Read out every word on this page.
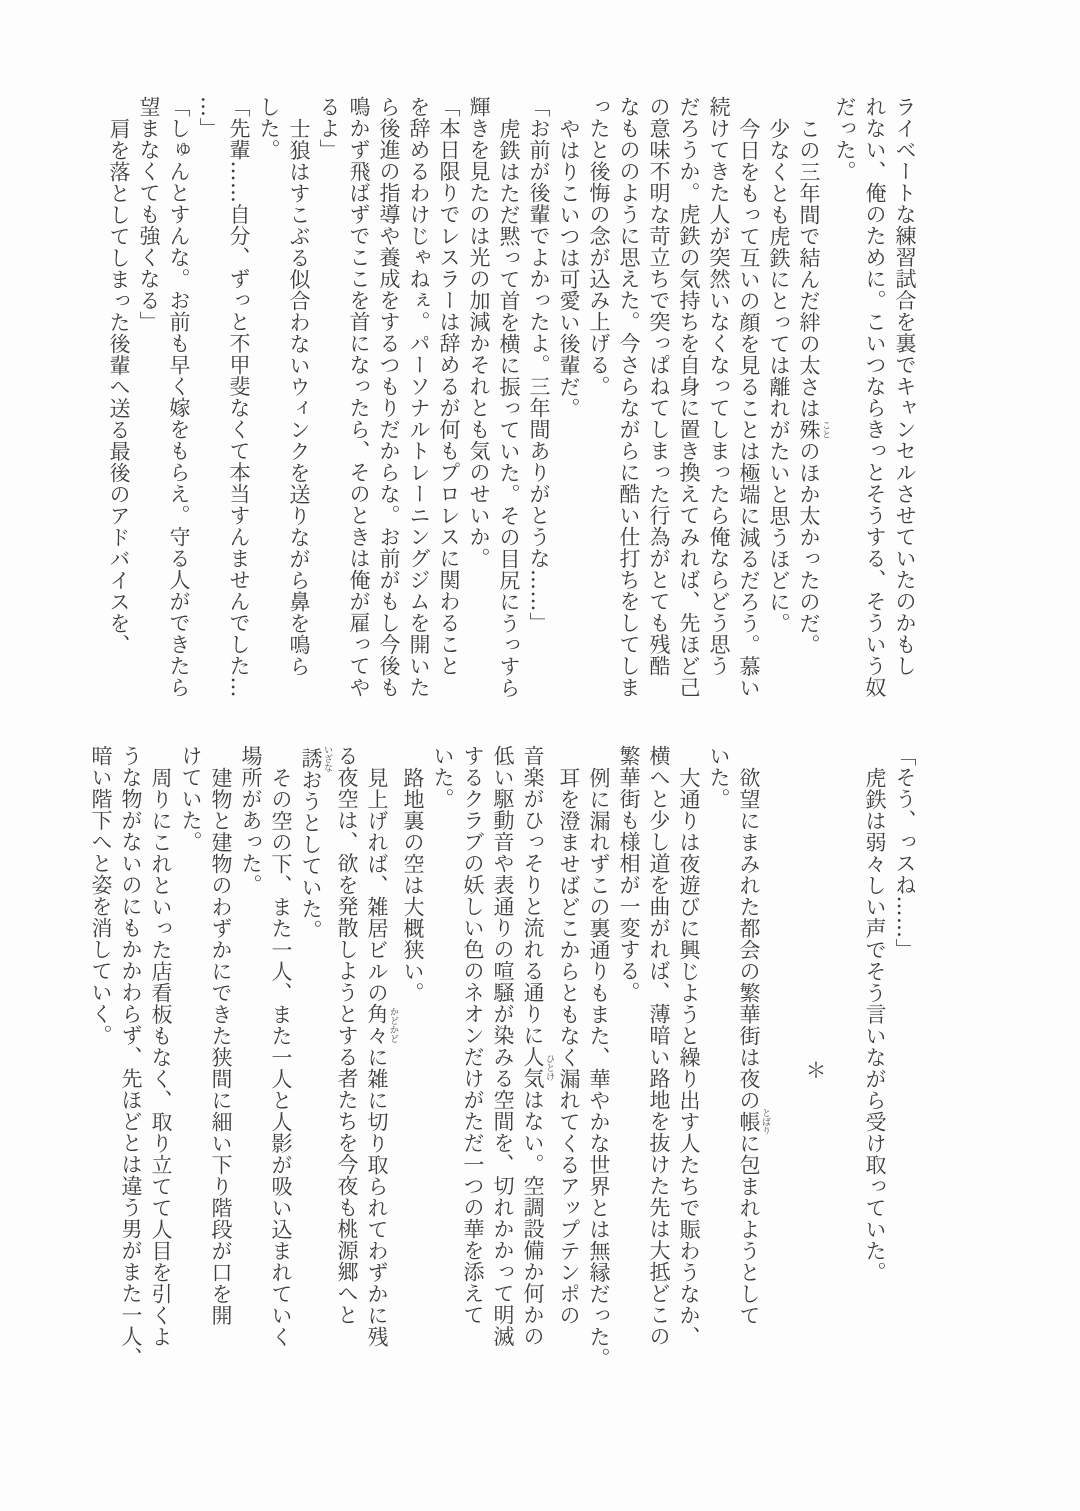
ライベートな練習試合を裏でキャンセルさせていたのかもし
れない、俺のために。こいつならきっとそうする、そういう奴
だった。
この三年間で結んだ絆の太さは殊 ことのほか太かったのだ。
少なくとも虎鉄にとっては離れがたいと思うほどに。
今日をもって互いの顔を見ることは極端に減るだろう。慕い
続けてきた人が突然いなくなってしまったら俺ならどう思う
だろうか。虎鉄の気持ちを自身に置き換えてみれば、先ほど己
の意味不明な苛立ちで突っぱねてしまった行為がとても残酷
なもののように思えた。今さらながらに酷い仕打ちをしてしま
ったと後悔の念が込み上げる。
やはりこいつは可愛い後輩だ。
「お前が後輩でよかったよ。三年間ありがとうな……」
虎鉄はただ黙って首を横に振っていた。その目尻にうっすら
輝きを見たのは光の加減かそれとも気のせいか。
「本日限りでレスラーは辞めるが何もプロレスに関わること
を辞めるわけじゃねぇ。パーソナルトレーニングジムを開いた
ら後進の指導や養成をするつもりだからな。お前がもし今後も
鳴かず飛ばずでここを首になったら、そのときは俺が雇ってや
るよ」
士狼はすこぶる似合わないウィンクを送りながら鼻を鳴ら
した。
「先輩……自分、ずっと不甲斐なくて本当すんませんでした…
…」
「しゅんとすんな。お前も早く嫁をもらえ。守る人ができたら
望まなくても強くなる」
肩を落としてしまった後輩へ送る最後のアドバイスを、
「そう、っスね……」
虎鉄は弱々しい声でそう言いながら受け取っていた。

＊

欲望にまみれた都会の繁華街は夜の帳 とばりに包まれようとして
いた。
大通りは夜遊びに興じようと繰り出す人たちで賑わうなか、
横へと少し道を曲がれば、薄暗い路地を抜けた先は大抵どこの
繁華街も様相が一変する。
例に漏れずこの裏通りもまた、華やかな世界とは無縁だった。
耳を澄ませばどこからともなく漏れてくるアップテンポの
音楽がひっそりと流れる通りに人気 ひとけはない。空調設備か何かの
低い駆動音や表通りの喧騒が染みる空間を、切れかかって明滅
するクラブの妖しい色のネオンだけがただ一つの華を添えて
いた。
路地裏の空は大概狭い。
見上げれば、雑居ビルの角々 かどかどに雑に切り取られてわずかに残
る夜空は、欲を発散しようとする者たちを今夜も桃源郷へと
誘 いざなおうとしていた。
その空の下、また一人、また一人と人影が吸い込まれていく
場所があった。
建物と建物のわずかにできた狭間に細い下り階段が口を開
けていた。
周りにこれといった店看板もなく、取り立てて人目を引くよ
うな物がないのにもかかわらず、先ほどとは違う男がまた一人、
暗い階下へと姿を消していく。
